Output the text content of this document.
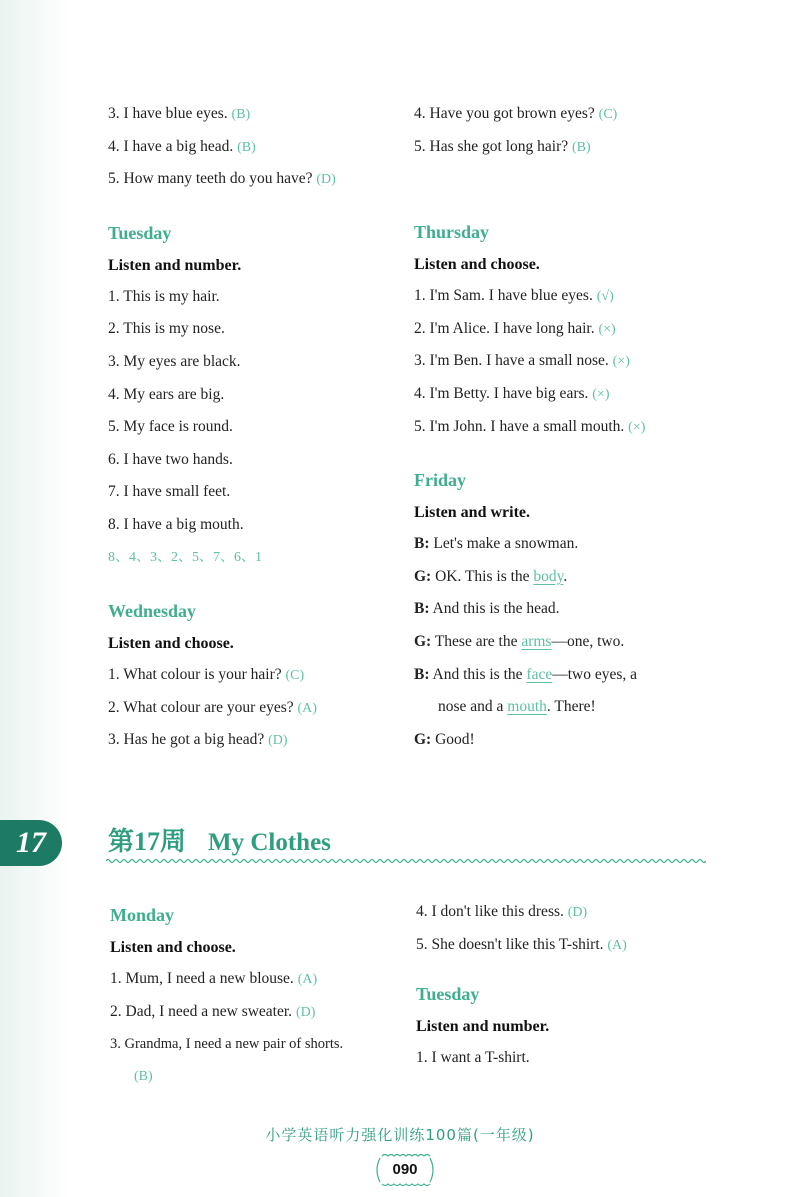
3. I have blue eyes. (B)
4. I have a big head. (B)
5. How many teeth do you have? (D)
Tuesday
Listen and number.
1. This is my hair.
2. This is my nose.
3. My eyes are black.
4. My ears are big.
5. My face is round.
6. I have two hands.
7. I have small feet.
8. I have a big mouth.
8、4、3、2、5、7、6、1
Wednesday
Listen and choose.
1. What colour is your hair? (C)
2. What colour are your eyes? (A)
3. Has he got a big head? (D)
4. Have you got brown eyes? (C)
5. Has she got long hair? (B)
Thursday
Listen and choose.
1. I'm Sam. I have blue eyes. (√)
2. I'm Alice. I have long hair. (×)
3. I'm Ben. I have a small nose. (×)
4. I'm Betty. I have big ears. (×)
5. I'm John. I have a small mouth. (×)
Friday
Listen and write.
B: Let's make a snowman.
G: OK. This is the body.
B: And this is the head.
G: These are the arms—one, two.
B: And this is the face—two eyes, a
nose and a mouth. There!
G: Good!
17	第17周 My Clothes
Monday
Listen and choose.
1. Mum, I need a new blouse. (A)
2. Dad, I need a new sweater. (D)
3. Grandma, I need a new pair of shorts.
(B)
4. I don't like this dress. (D)
5. She doesn't like this T-shirt. (A)
Tuesday
Listen and number.
1. I want a T-shirt.
小学英语听力强化训练100篇(一年级)
090
